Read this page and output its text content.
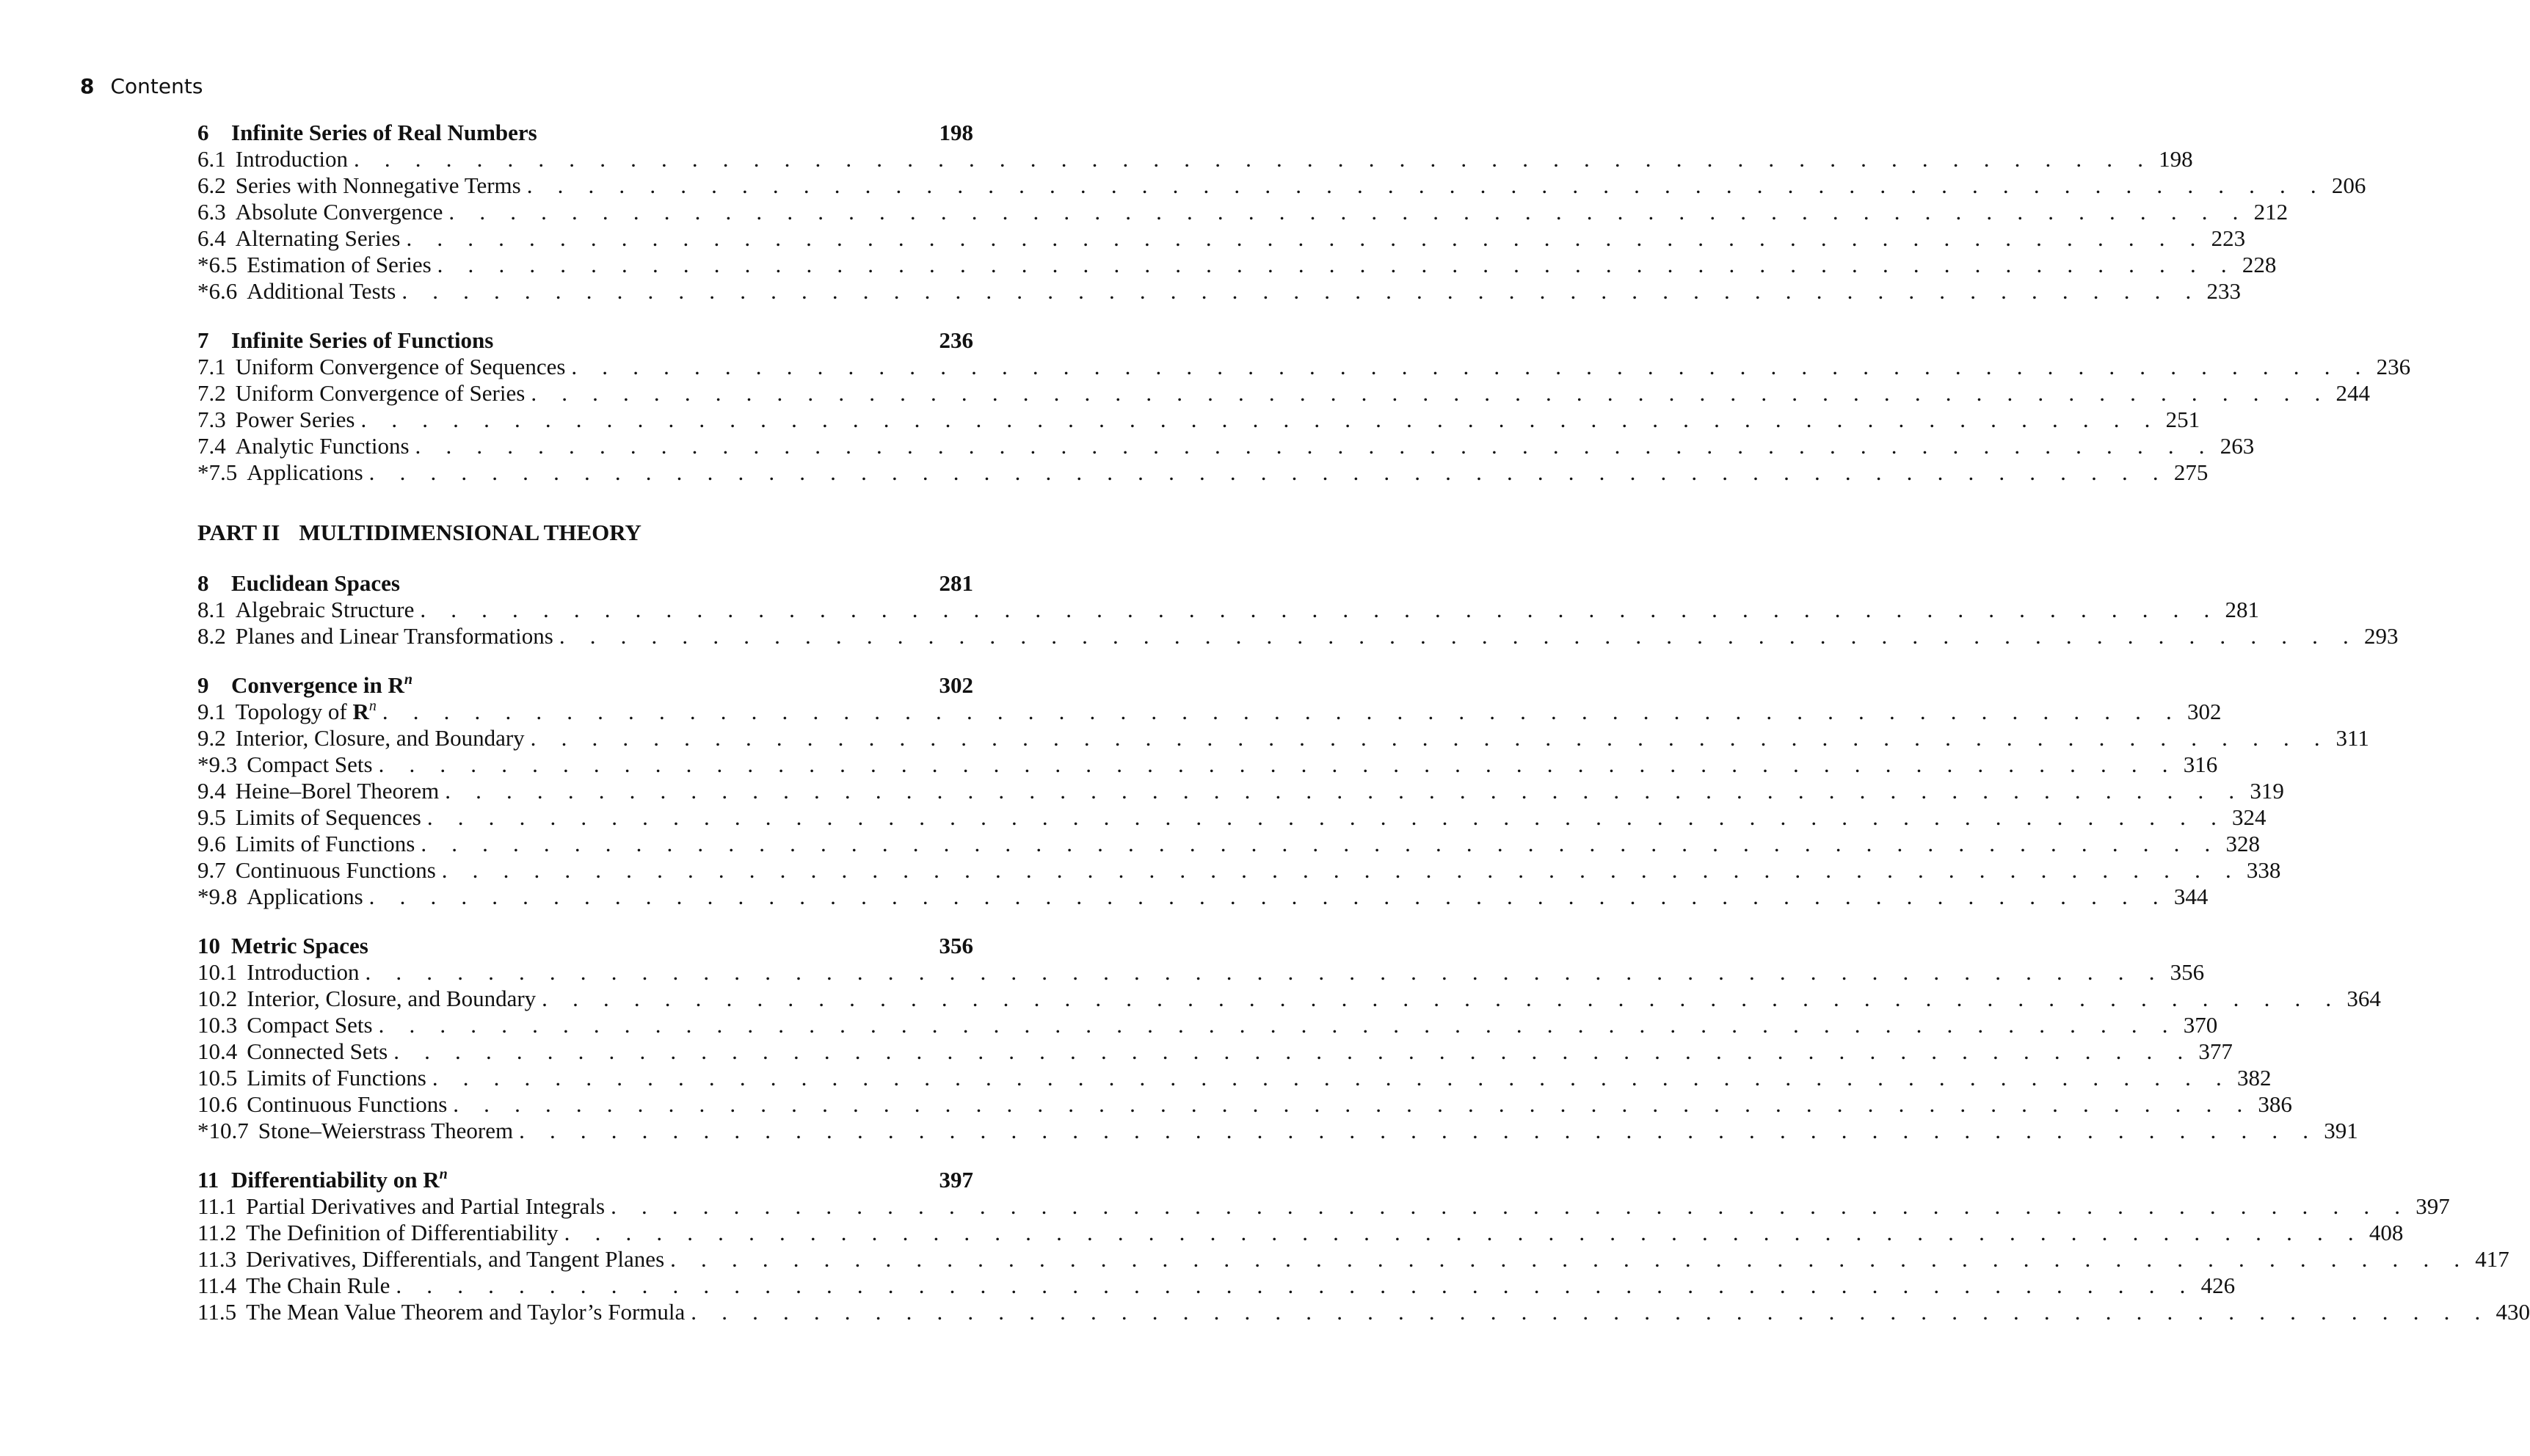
8 Contents
6 Infinite Series of Real Numbers	198
6.1 Introduction . . . . . . . . . . . . . . . . . . . . . . . . . . . . . . . . . . . . . . . . . . . . . . . . . . . . . . . . . . . 198
6.2 Series with Nonnegative Terms . . . . . . . . . . . . . . . . . . . . . . . . . . . . . . . . . . . . . . . . . . . . . . . . . . . . . . . . . . . 206
6.3 Absolute Convergence . . . . . . . . . . . . . . . . . . . . . . . . . . . . . . . . . . . . . . . . . . . . . . . . . . . . . . . . . . . 212
6.4 Alternating Series . . . . . . . . . . . . . . . . . . . . . . . . . . . . . . . . . . . . . . . . . . . . . . . . . . . . . . . . . . . 223
*6.5 Estimation of Series . . . . . . . . . . . . . . . . . . . . . . . . . . . . . . . . . . . . . . . . . . . . . . . . . . . . . . . . . . . 228
*6.6 Additional Tests . . . . . . . . . . . . . . . . . . . . . . . . . . . . . . . . . . . . . . . . . . . . . . . . . . . . . . . . . . . 233
7 Infinite Series of Functions	236
7.1 Uniform Convergence of Sequences . . . . . . . . . . . . . . . . . . . . . . . . . . . . . . . . . . . . . . . . . . . . . . . . . . . . . . . . . . . 236
7.2 Uniform Convergence of Series . . . . . . . . . . . . . . . . . . . . . . . . . . . . . . . . . . . . . . . . . . . . . . . . . . . . . . . . . . . 244
7.3 Power Series . . . . . . . . . . . . . . . . . . . . . . . . . . . . . . . . . . . . . . . . . . . . . . . . . . . . . . . . . . . 251
7.4 Analytic Functions . . . . . . . . . . . . . . . . . . . . . . . . . . . . . . . . . . . . . . . . . . . . . . . . . . . . . . . . . . . 263
*7.5 Applications . . . . . . . . . . . . . . . . . . . . . . . . . . . . . . . . . . . . . . . . . . . . . . . . . . . . . . . . . . . 275
PART II MULTIDIMENSIONAL THEORY
8 Euclidean Spaces	281
8.1 Algebraic Structure . . . . . . . . . . . . . . . . . . . . . . . . . . . . . . . . . . . . . . . . . . . . . . . . . . . . . . . . . . . 281
8.2 Planes and Linear Transformations . . . . . . . . . . . . . . . . . . . . . . . . . . . . . . . . . . . . . . . . . . . . . . . . . . . . . . . . . . . 293
9 Convergence in $R^n$	302
9.1 Topology of $R^n$ . . . . . . . . . . . . . . . . . . . . . . . . . . . . . . . . . . . . . . . . . . . . . . . . . . . . . . . . . . . 302
9.2 Interior, Closure, and Boundary . . . . . . . . . . . . . . . . . . . . . . . . . . . . . . . . . . . . . . . . . . . . . . . . . . . . . . . . . . . 311
*9.3 Compact Sets . . . . . . . . . . . . . . . . . . . . . . . . . . . . . . . . . . . . . . . . . . . . . . . . . . . . . . . . . . . 316
9.4 Heine–Borel Theorem . . . . . . . . . . . . . . . . . . . . . . . . . . . . . . . . . . . . . . . . . . . . . . . . . . . . . . . . . . . 319
9.5 Limits of Sequences . . . . . . . . . . . . . . . . . . . . . . . . . . . . . . . . . . . . . . . . . . . . . . . . . . . . . . . . . . . 324
9.6 Limits of Functions . . . . . . . . . . . . . . . . . . . . . . . . . . . . . . . . . . . . . . . . . . . . . . . . . . . . . . . . . . . 328
9.7 Continuous Functions . . . . . . . . . . . . . . . . . . . . . . . . . . . . . . . . . . . . . . . . . . . . . . . . . . . . . . . . . . . 338
*9.8 Applications . . . . . . . . . . . . . . . . . . . . . . . . . . . . . . . . . . . . . . . . . . . . . . . . . . . . . . . . . . . 344
10 Metric Spaces	356
10.1 Introduction . . . . . . . . . . . . . . . . . . . . . . . . . . . . . . . . . . . . . . . . . . . . . . . . . . . . . . . . . . . 356
10.2 Interior, Closure, and Boundary . . . . . . . . . . . . . . . . . . . . . . . . . . . . . . . . . . . . . . . . . . . . . . . . . . . . . . . . . . . 364
10.3 Compact Sets . . . . . . . . . . . . . . . . . . . . . . . . . . . . . . . . . . . . . . . . . . . . . . . . . . . . . . . . . . . 370
10.4 Connected Sets . . . . . . . . . . . . . . . . . . . . . . . . . . . . . . . . . . . . . . . . . . . . . . . . . . . . . . . . . . . 377
10.5 Limits of Functions . . . . . . . . . . . . . . . . . . . . . . . . . . . . . . . . . . . . . . . . . . . . . . . . . . . . . . . . . . . 382
10.6 Continuous Functions . . . . . . . . . . . . . . . . . . . . . . . . . . . . . . . . . . . . . . . . . . . . . . . . . . . . . . . . . . . 386
*10.7 Stone–Weierstrass Theorem . . . . . . . . . . . . . . . . . . . . . . . . . . . . . . . . . . . . . . . . . . . . . . . . . . . . . . . . . . . 391
11 Differentiability on $R^n$	397
11.1 Partial Derivatives and Partial Integrals . . . . . . . . . . . . . . . . . . . . . . . . . . . . . . . . . . . . . . . . . . . . . . . . . . . . . . . . . . . 397
11.2 The Definition of Differentiability . . . . . . . . . . . . . . . . . . . . . . . . . . . . . . . . . . . . . . . . . . . . . . . . . . . . . . . . . . . 408
11.3 Derivatives, Differentials, and Tangent Planes . . . . . . . . . . . . . . . . . . . . . . . . . . . . . . . . . . . . . . . . . . . . . . . . . . . . . . . . . . . 417
11.4 The Chain Rule . . . . . . . . . . . . . . . . . . . . . . . . . . . . . . . . . . . . . . . . . . . . . . . . . . . . . . . . . . . 426
11.5 The Mean Value Theorem and Taylor’s Formula . . . . . . . . . . . . . . . . . . . . . . . . . . . . . . . . . . . . . . . . . . . . . . . . . . . . . . . . . . . 430
